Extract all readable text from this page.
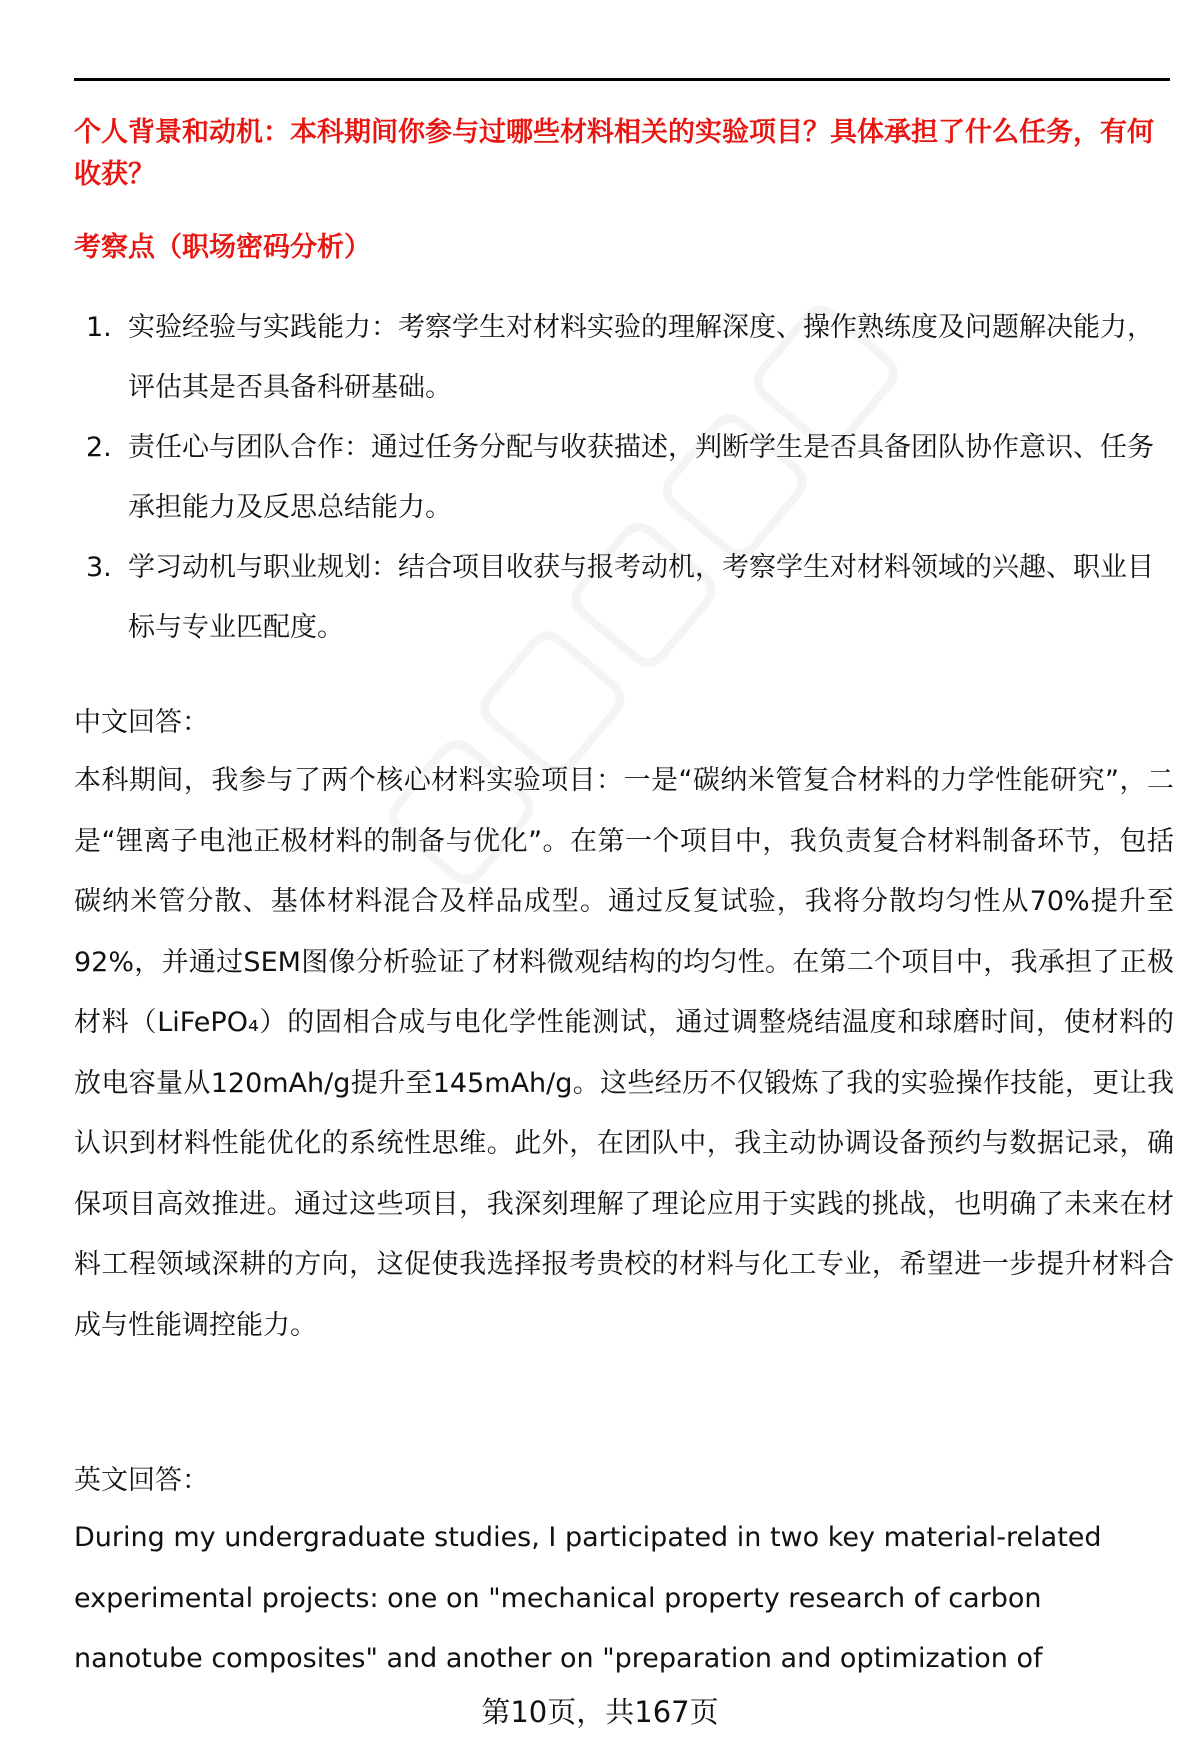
个人背景和动机：本科期间你参与过哪些材料相关的实验项目？具体承担了什么任务，有何收获？
考察点（职场密码分析）
1. 实验经验与实践能力：考察学生对材料实验的理解深度、操作熟练度及问题解决能力，评估其是否具备科研基础。
2. 责任心与团队合作：通过任务分配与收获描述，判断学生是否具备团队协作意识、任务承担能力及反思总结能力。
3. 学习动机与职业规划：结合项目收获与报考动机，考察学生对材料领域的兴趣、职业目标与专业匹配度。
中文回答：
本科期间，我参与了两个核心材料实验项目：一是“碳纳米管复合材料的力学性能研究”，二是“锂离子电池正极材料的制备与优化”。在第一个项目中，我负责复合材料制备环节，包括碳纳米管分散、基体材料混合及样品成型。通过反复试验，我将分散均匀性从70%提升至92%，并通过SEM图像分析验证了材料微观结构的均匀性。在第二个项目中，我承担了正极材料（LiFePO₄）的固相合成与电化学性能测试，通过调整烧结温度和球磨时间，使材料的放电容量从120mAh/g提升至145mAh/g。这些经历不仅锻炼了我的实验操作技能，更让我认识到材料性能优化的系统性思维。此外，在团队中，我主动协调设备预约与数据记录，确保项目高效推进。通过这些项目，我深刻理解了理论应用于实践的挑战，也明确了未来在材料工程领域深耕的方向，这促使我选择报考贵校的材料与化工专业，希望进一步提升材料合成与性能调控能力。
英文回答：
During my undergraduate studies, I participated in two key material-related experimental projects: one on "mechanical property research of carbon nanotube composites" and another on "preparation and optimization of
第10页，共167页
